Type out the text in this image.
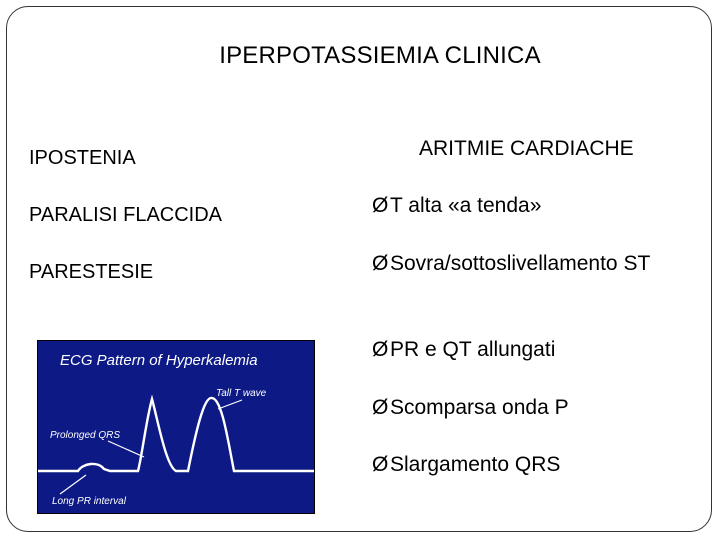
IPERPOTASSIEMIA CLINICA
IPOSTENIA
PARALISI FLACCIDA
PARESTESIE
ARITMIE CARDIACHE
ØT alta «a tenda»
ØSovra/sottoslivellamento ST
ØPR e QT allungati
ØScomparsa onda P
ØSlargamento QRS
ECG Pattern of Hyperkalemia
Tall T wave
Prolonged QRS
Long PR interval
